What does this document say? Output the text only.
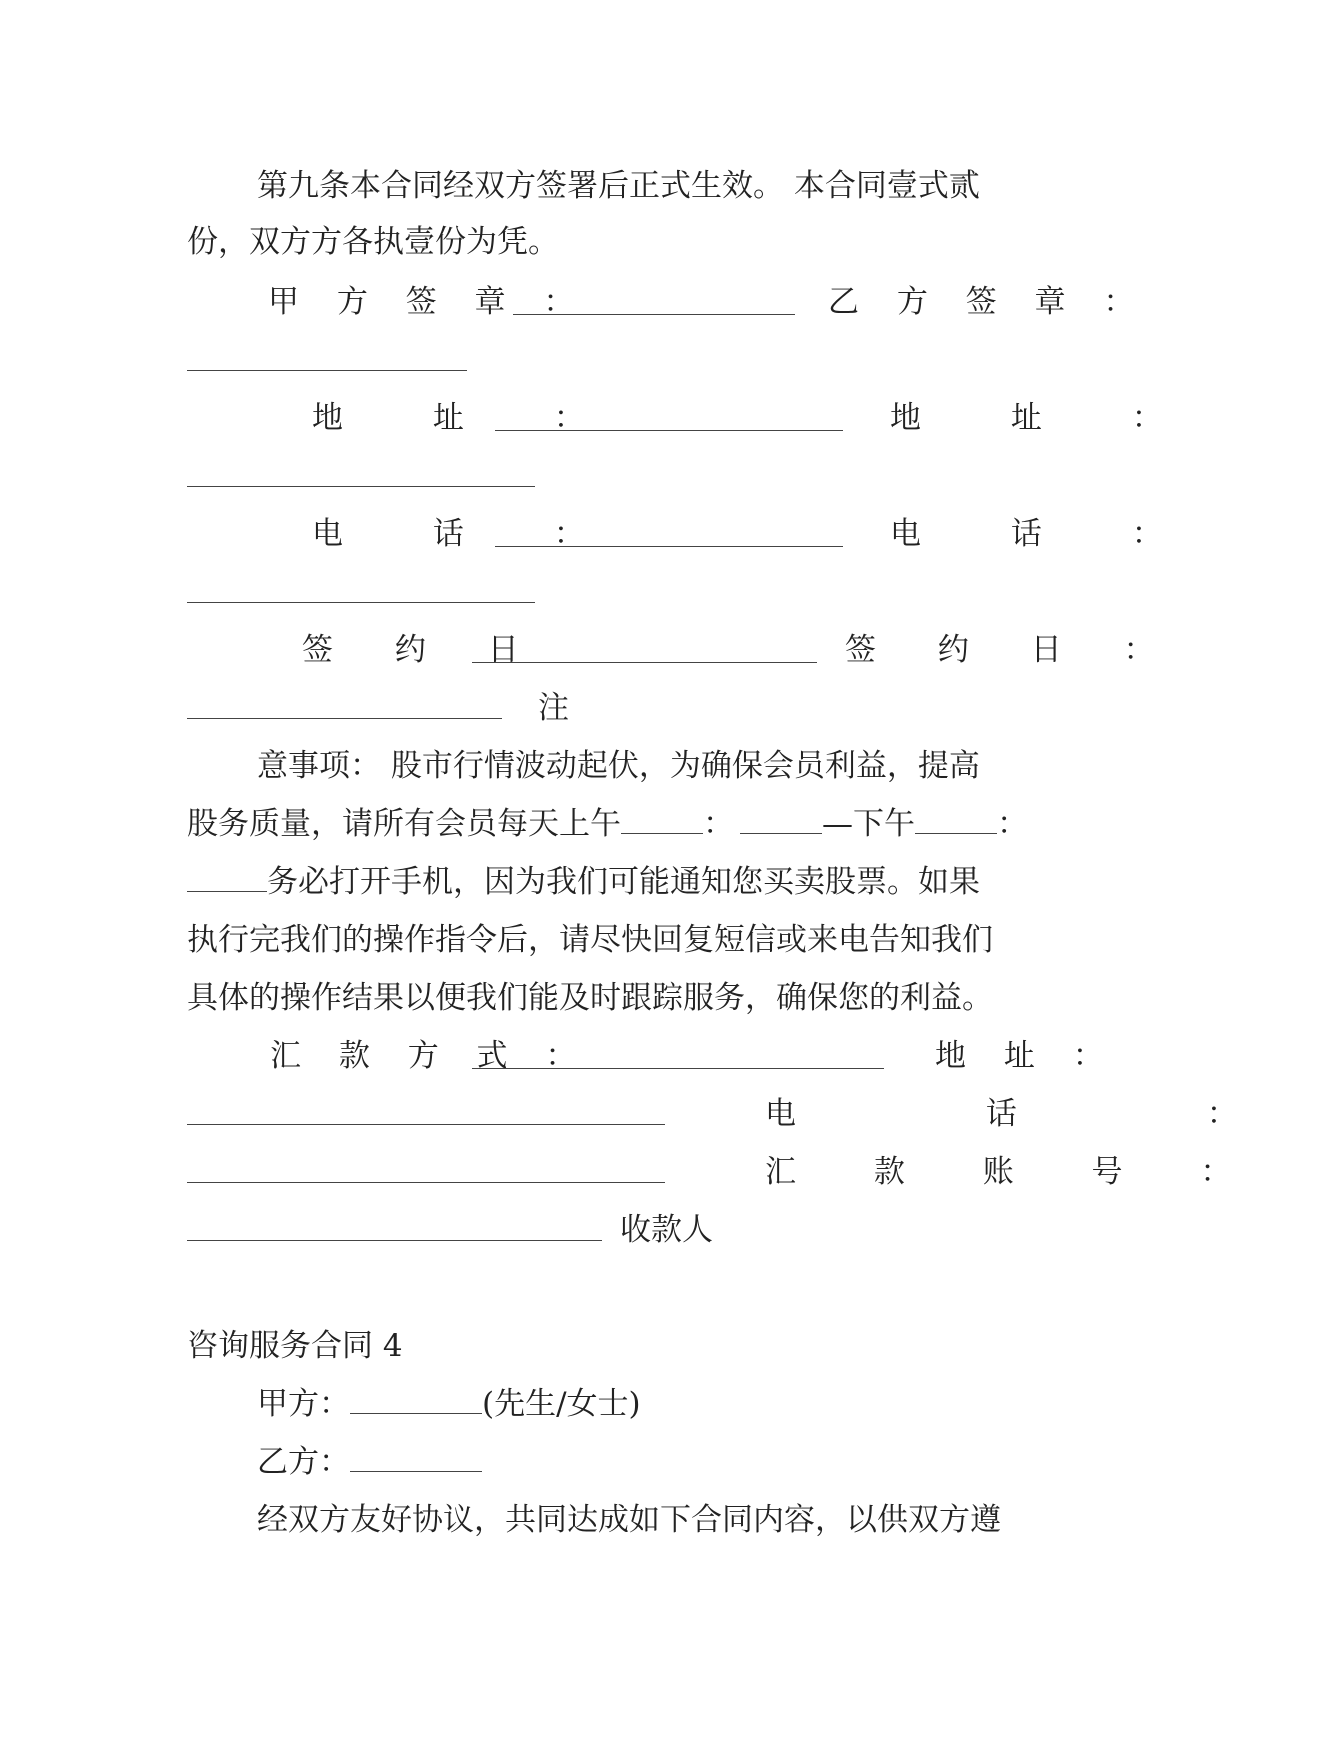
第九条本合同经双方签署后正式生效。 本合同壹式贰
份，双方方各执壹份为凭。
甲 方 签 章 ：	乙 方 签 章 ：
地 址 ：	地 址 ：
电 话 ：	电 话 ：
签 约 日	签 约 日 ：
注
意事项： 股市行情波动起伏，为确保会员利益，提高
股务质量，请所有会员每天上午	：	—下午	：
务必打开手机，因为我们可能通知您买卖股票。如果
执行完我们的操作指令后，请尽快回复短信或来电告知我们
具体的操作结果以便我们能及时跟踪服务，确保您的利益。
汇 款 方 式 ：	地 址 ：
电 话 ：
汇 款 账 号 ：
收款人
咨询服务合同 4
甲方：	(先生/女士)
乙方：
经双方友好协议，共同达成如下合同内容，以供双方遵
